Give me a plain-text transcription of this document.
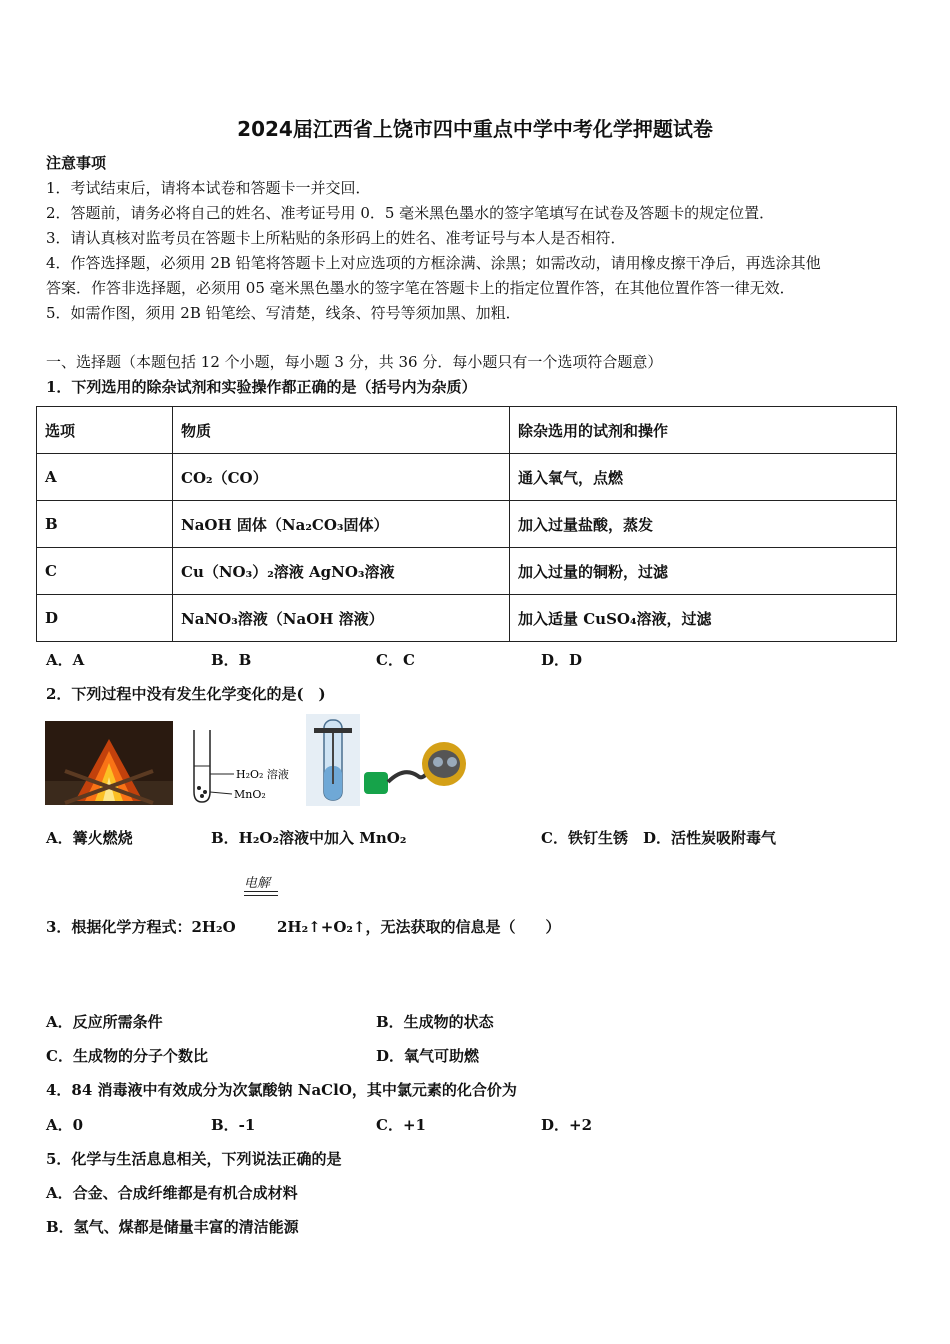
2024届江西省上饶市四中重点中学中考化学押题试卷
注意事项
1．考试结束后，请将本试卷和答题卡一并交回．
2．答题前，请务必将自己的姓名、准考证号用 0．5 毫米黑色墨水的签字笔填写在试卷及答题卡的规定位置．
3．请认真核对监考员在答题卡上所粘贴的条形码上的姓名、准考证号与本人是否相符．
4．作答选择题，必须用 2B 铅笔将答题卡上对应选项的方框涂满、涂黑；如需改动，请用橡皮擦干净后，再选涂其他
答案．作答非选择题，必须用 05 毫米黑色墨水的签字笔在答题卡上的指定位置作答，在其他位置作答一律无效．
5．如需作图，须用 2B 铅笔绘、写清楚，线条、符号等须加黑、加粗．
一、选择题（本题包括 12 个小题，每小题 3 分，共 36 分．每小题只有一个选项符合题意）
1．下列选用的除杂试剂和实验操作都正确的是（括号内为杂质）
选项	物质	除杂选用的试剂和操作
A	CO₂（CO）	通入氧气，点燃
B	NaOH 固体（Na₂CO₃固体）	加入过量盐酸，蒸发
C	Cu（NO₃）₂溶液 AgNO₃溶液	加入过量的铜粉，过滤
D	NaNO₃溶液（NaOH 溶液）	加入适量 CuSO₄溶液，过滤
A．A	B．B	C．C	D．D
2．下列过程中没有发生化学变化的是(　)
H₂O₂ 溶液
MnO₂
A．篝火燃烧	B．H₂O₂溶液中加入 MnO₂	C．铁钉生锈　D．活性炭吸附毒气
电解
3．根据化学方程式：2H₂O	2H₂↑+O₂↑，无法获取的信息是（　　）
A．反应所需条件	B．生成物的状态
C．生成物的分子个数比	D．氧气可助燃
4．84 消毒液中有效成分为次氯酸钠 NaClO，其中氯元素的化合价为
A．0	B．-1	C．+1	D．+2
5．化学与生活息息相关，下列说法正确的是
A．合金、合成纤维都是有机合成材料
B．氢气、煤都是储量丰富的清洁能源
